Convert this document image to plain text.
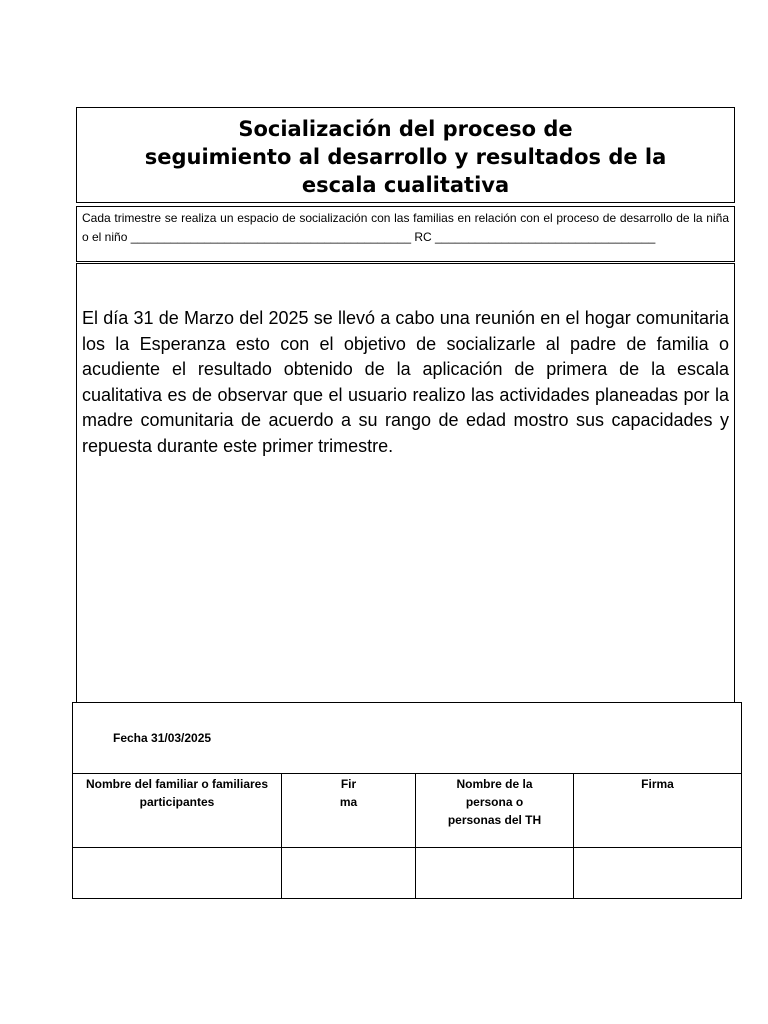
Socialización del proceso de
seguimiento al desarrollo y resultados de la
escala cualitativa

Cada trimestre se realiza un espacio de socialización con las familias en relación con el proceso de desarrollo de la niña o el niño __________________________________________ RC _________________________________

El día 31 de Marzo del 2025 se llevó a cabo una reunión en el hogar comunitaria los la Esperanza esto con el objetivo de socializarle al padre de familia o acudiente el resultado obtenido de la aplicación de primera de la escala cualitativa es de observar que el usuario realizo las actividades planeadas por la madre comunitaria de acuerdo a su rango de edad mostro sus capacidades y repuesta durante este primer trimestre.

Fecha 31/03/2025			
Nombre del familiar o familiares participantes	Fir ma	Nombre de la persona o personas del TH	Firma
